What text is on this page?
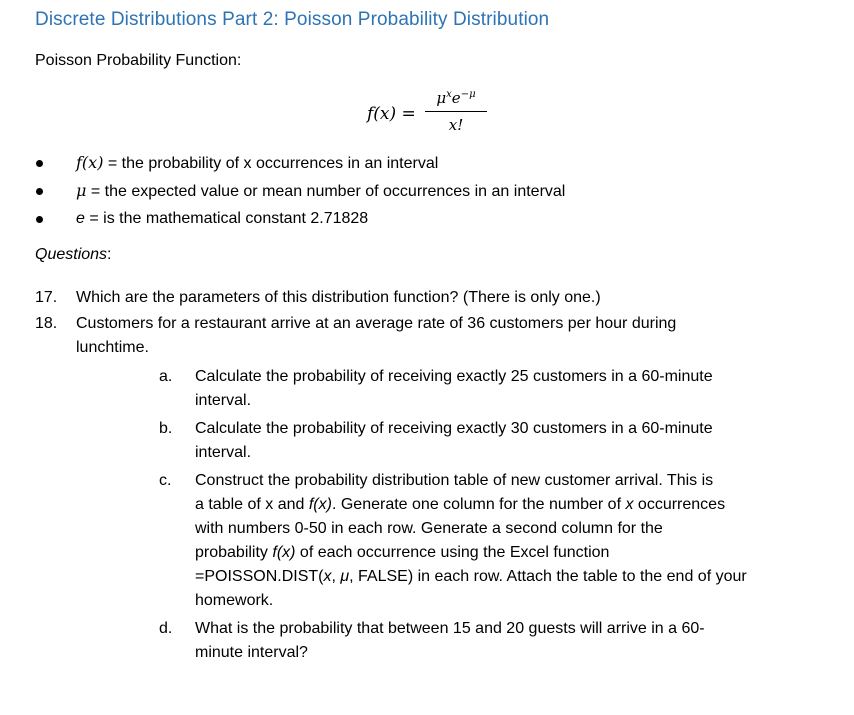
Discrete Distributions Part 2: Poisson Probability Distribution
Poisson Probability Function:
f(x) =
$\mu^xe^{-\mu}$
x!
f(x) = the probability of x occurrences in an interval
μ = the expected value or mean number of occurrences in an interval
e = is the mathematical constant 2.71828
Questions:
17. Which are the parameters of this distribution function? (There is only one.)
18. Customers for a restaurant arrive at an average rate of 36 customers per hour during
lunchtime.
a. Calculate the probability of receiving exactly 25 customers in a 60-minute
interval.
b. Calculate the probability of receiving exactly 30 customers in a 60-minute
interval.
c. Construct the probability distribution table of new customer arrival. This is
a table of x and f(x). Generate one column for the number of x occurrences
with numbers 0-50 in each row. Generate a second column for the
probability f(x) of each occurrence using the Excel function
=POISSON.DIST(x, μ, FALSE) in each row. Attach the table to the end of your
homework.
d. What is the probability that between 15 and 20 guests will arrive in a 60-
minute interval?
